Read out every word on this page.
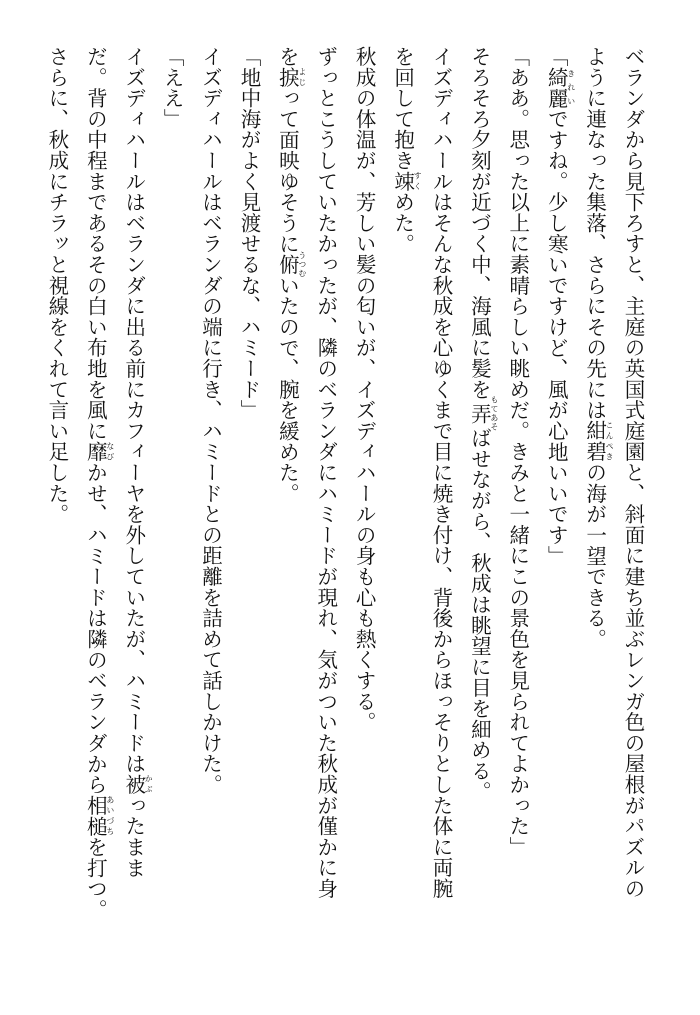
ベランダから見下ろすと、主庭の英国式庭園と、斜面に建ち並ぶレンガ色の屋根がパズルの
ように連なった集落、さらにその先には紺碧こんぺきの海が一望できる。
「綺麗きれいですね。少し寒いですけど、風が心地いいです」
「ああ。思った以上に素晴らしい眺めだ。きみと一緒にこの景色を見られてよかった」
そろそろ夕刻が近づく中、海風に髪を弄もてあそばせながら、秋成は眺望に目を細める。
イズディハールはそんな秋成を心ゆくまで目に焼き付け、背後からほっそりとした体に両腕
を回して抱き竦すくめた。
秋成の体温が、芳しい髪の匂いが、イズディハールの身も心も熱くする。
ずっとこうしていたかったが、隣のベランダにハミードが現れ、気がついた秋成が僅かに身
を捩よじって面映ゆそうに俯うつむいたので、腕を緩めた。
「地中海がよく見渡せるな、ハミード」
イズディハールはベランダの端に行き、ハミードとの距離を詰めて話しかけた。
「ええ」
イズディハールはベランダに出る前にカフィーヤを外していたが、ハミードは被かぶったまま
だ。背の中程まであるその白い布地を風に靡なびかせ、ハミードは隣のベランダから相槌あいづちを打つ。
さらに、秋成にチラッと視線をくれて言い足した。
